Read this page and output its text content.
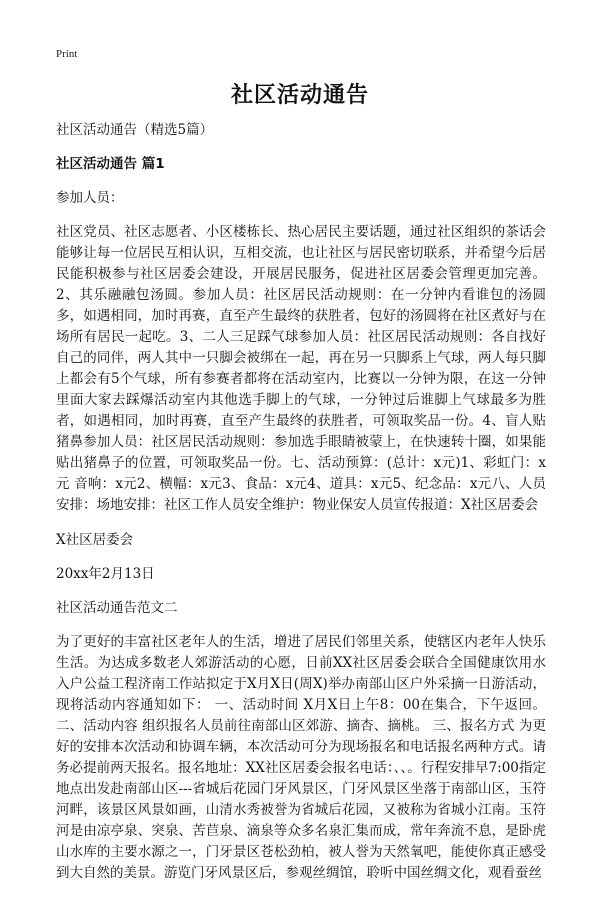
Print
社区活动通告

社区活动通告（精选5篇）

社区活动通告 篇1

参加人员：

社区党员、社区志愿者、小区楼栋长、热心居民主要话题，通过社区组织的茶话会能够让每一位居民互相认识，互相交流，也让社区与居民密切联系，并希望今后居民能积极参与社区居委会建设，开展居民服务，促进社区居委会管理更加完善。 2、其乐融融包汤圆。参加人员：社区居民活动规则：在一分钟内看谁包的汤圆多，如遇相同，加时再赛，直至产生最终的获胜者，包好的汤圆将在社区煮好与在场所有居民一起吃。3、二人三足踩气球参加人员：社区居民活动规则：各自找好自己的同伴，两人其中一只脚会被绑在一起，再在另一只脚系上气球，两人每只脚上都会有5个气球，所有参赛者都将在活动室内，比赛以一分钟为限，在这一分钟里面大家去踩爆活动室内其他选手脚上的气球，一分钟过后谁脚上气球最多为胜者，如遇相同，加时再赛，直至产生最终的获胜者，可领取奖品一份。4、盲人贴猪鼻参加人员：社区居民活动规则：参加选手眼睛被蒙上，在快速转十圈，如果能贴出猪鼻子的位置，可领取奖品一份。七、活动预算：(总计：x元)1、彩虹门：x元 音响：x元2、横幅：x元3、食品：x元4、道具：x元5、纪念品：x元八、人员安排：场地安排：社区工作人员安全维护：物业保安人员宣传报道：X社区居委会

X社区居委会

20xx年2月13日

社区活动通告范文二

为了更好的丰富社区老年人的生活，增进了居民们邻里关系，使辖区内老年人快乐生活。为达成多数老人郊游活动的心愿，日前XX社区居委会联合全国健康饮用水入户公益工程济南工作站拟定于X月X日(周X)举办南部山区户外采摘一日游活动，现将活动内容通知如下： 一、活动时间 X月X日上午8：00在集合，下午返回。 二、活动内容 组织报名人员前往南部山区郊游、摘杏、摘桃。 三、报名方式 为更好的安排本次活动和协调车辆，本次活动可分为现场报名和电话报名两种方式。请务必提前两天报名。报名地址：XX社区居委会报名电话：、、。行程安排早7:00指定地点出发赴南部山区---省城后花园门牙风景区，门牙风景区坐落于南部山区，玉符河畔，该景区风景如画，山清水秀被誉为省城后花园，又被称为省城小江南。玉符河是由凉亭泉、突泉、苦苣泉、滴泉等众多名泉汇集而成，常年奔流不息，是卧虎山水库的主要水源之一，门牙景区苍松劲柏，被人誉为天然氧吧，能使你真正感受到大自然的美景。游览门牙风景区后，参观丝绸馆，聆听中国丝绸文化，观看蚕丝
